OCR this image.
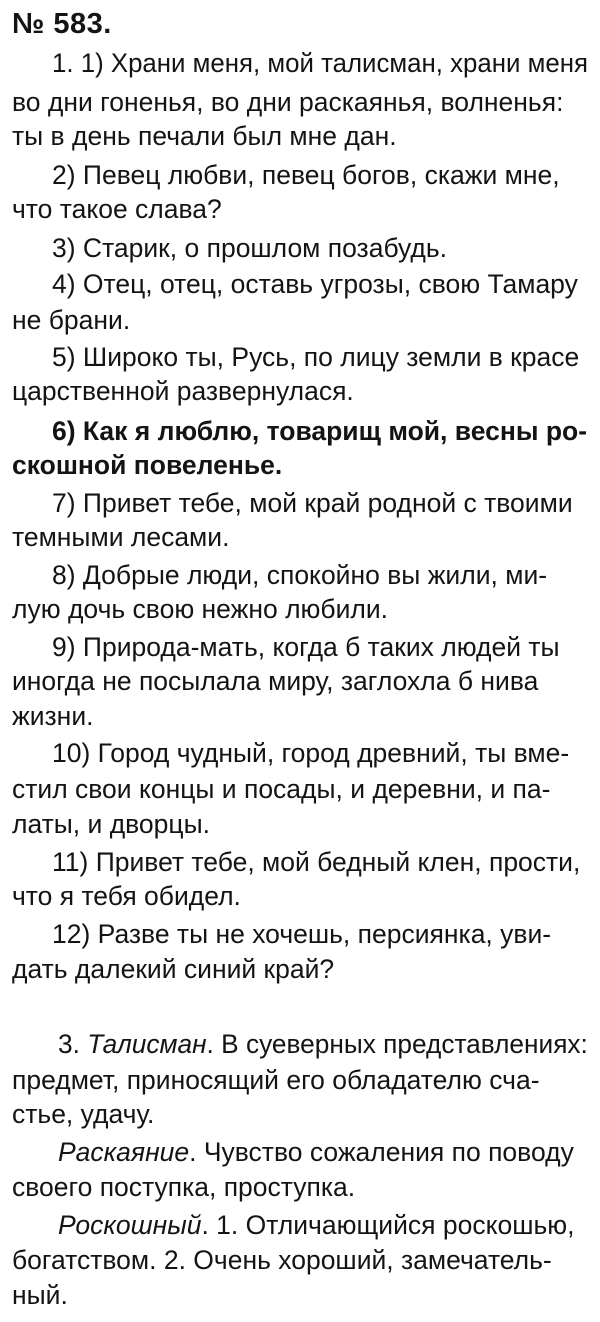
№ 583.
1. 1) Храни меня, мой талисман, храни меня
во дни гоненья, во дни раскаянья, волненья:
ты в день печали был мне дан.
2) Певец любви, певец богов, скажи мне,
что такое слава?
3) Старик, о прошлом позабудь.
4) Отец, отец, оставь угрозы, свою Тамару
не брани.
5) Широко ты, Русь, по лицу земли в красе
царственной развернулася.
6) Как я люблю, товарищ мой, весны ро-
скошной повеленье.
7) Привет тебе, мой край родной с твоими
темными лесами.
8) Добрые люди, спокойно вы жили, ми-
лую дочь свою нежно любили.
9) Природа-мать, когда б таких людей ты
иногда не посылала миру, заглохла б нива
жизни.
10) Город чудный, город древний, ты вме-
стил свои концы и посады, и деревни, и па-
латы, и дворцы.
11) Привет тебе, мой бедный клен, прости,
что я тебя обидел.
12) Разве ты не хочешь, персиянка, уви-
дать далекий синий край?
3. Талисман. В суеверных представлениях:
предмет, приносящий его обладателю сча-
стье, удачу.
Раскаяние. Чувство сожаления по поводу
своего поступка, проступка.
Роскошный. 1. Отличающийся роскошью,
богатством. 2. Очень хороший, замечатель-
ный.
